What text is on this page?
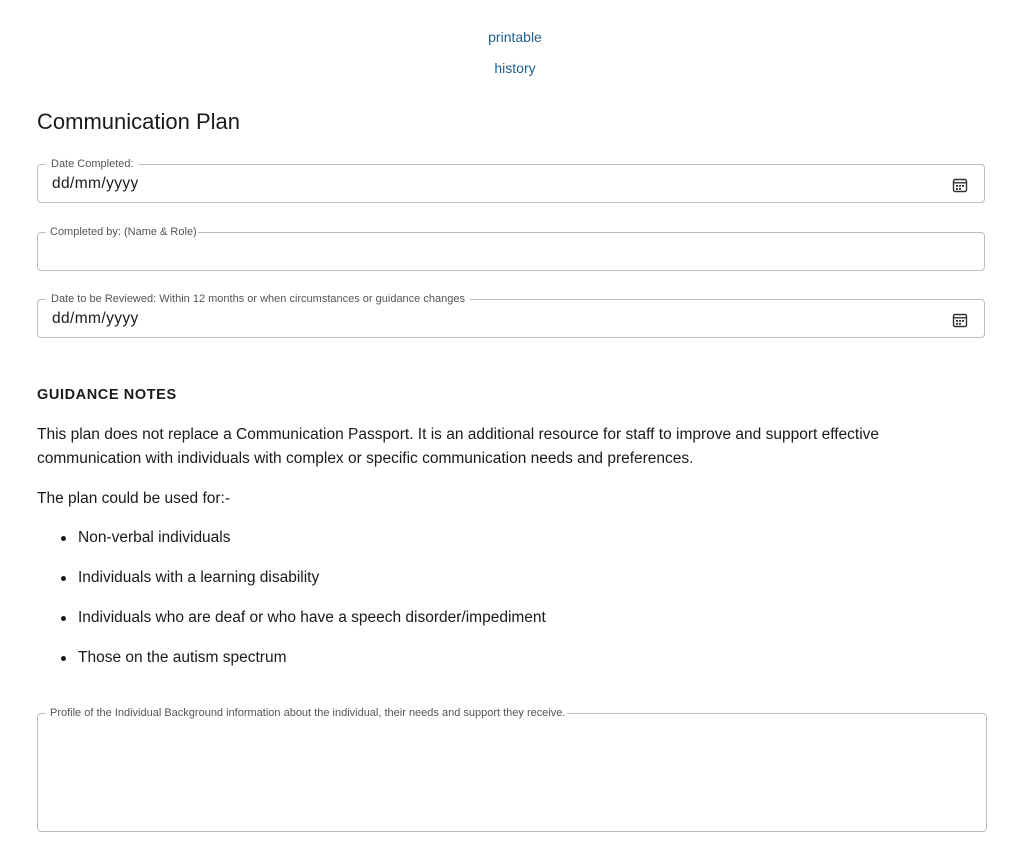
printable
history
Communication Plan
Date Completed:
dd/mm/yyyy
Completed by: (Name & Role)
Date to be Reviewed: Within 12 months or when circumstances or guidance changes
dd/mm/yyyy
GUIDANCE NOTES

This plan does not replace a Communication Passport. It is an additional resource for staff to improve and support effective communication with individuals with complex or specific communication needs and preferences.

The plan could be used for:-

Non-verbal individuals
Individuals with a learning disability
Individuals who are deaf or who have a speech disorder/impediment
Those on the autism spectrum
Profile of the Individual Background information about the individual, their needs and support they receive.
